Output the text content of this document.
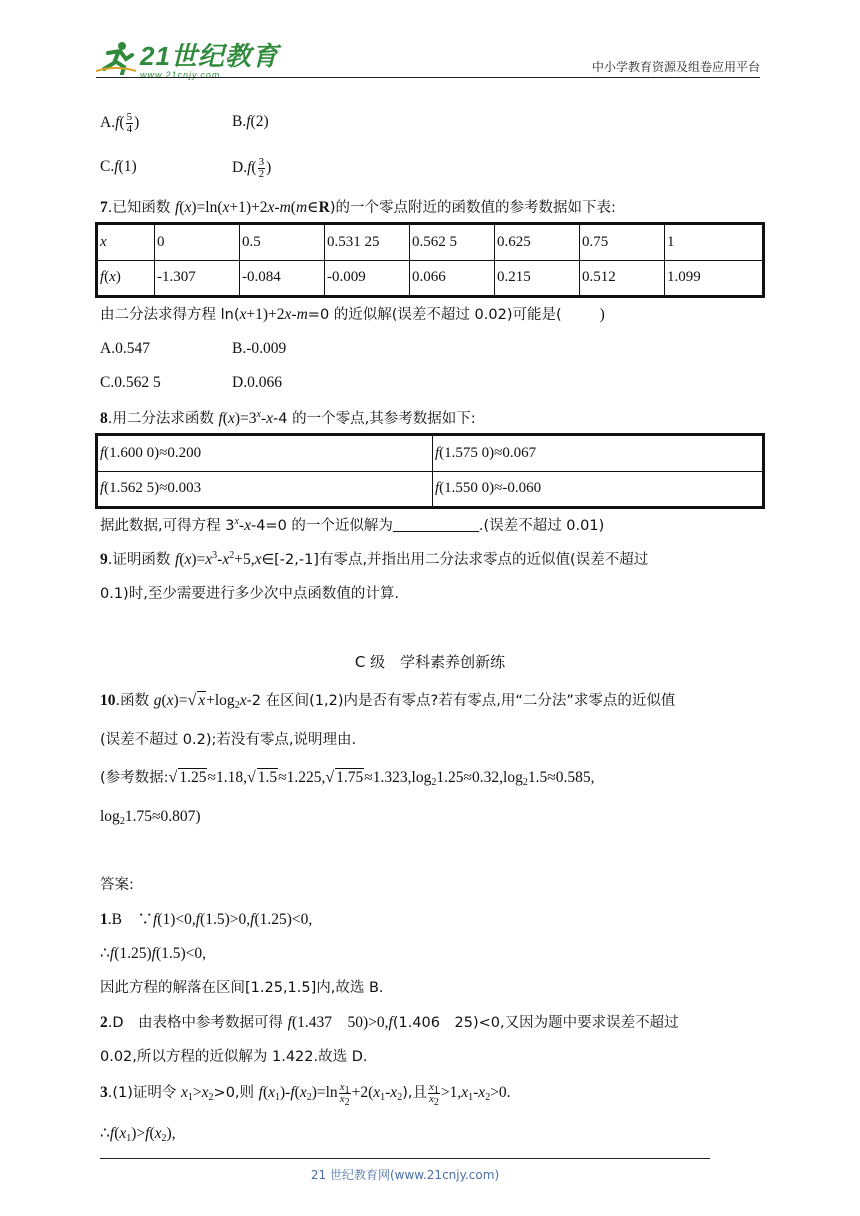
21世纪教育
www.21cnjy.com
中小学教育资源及组卷应用平台
$A.f( \frac{5}{4}$ )	B.f(2)
C.f(1)	$D.f( \frac{3}{2}$ )
7.已知函数 f(x)=ln(x+1)+2x-m(m∈R)的一个零点附近的函数值的参考数据如下表:
x	0	0.5	0.531 25	0.562 5	0.625	0.75	1
f(x)	-1.307	-0.084	-0.009	0.066	0.215	0.512	1.099
由二分法求得方程 ln(x+1)+2x-m=0 的近似解(误差不超过 0.02)可能是( )
A.0.547	B.-0.009
C.0.562 5	D.0.066
8.用二分法求函数 $f(x)=3^x-x-4$ 的一个零点,其参考数据如下:
f(1.600 0)≈0.200	f(1.575 0)≈0.067
f(1.562 5)≈0.003	f(1.550 0)≈-0.060
据此数据,可得方程 $3^x-x-4=0$ 的一个近似解为	.(误差不超过 0.01)
9.证明函数 $f(x)=x^3-x^2+5,x\in[-2,-1]$有零点,并指出用二分法求零点的近似值(误差不超过
0.1)时,至少需要进行多少次中点函数值的计算.
C 级　学科素养创新练
10.函数 g(x)=√ $x+\log_2x-2$ 在区间(1,2)内是否有零点?若有零点,用“二分法”求零点的近似值
(误差不超过 0.2);若没有零点,说明理由.
(参考数据:√ 1.25≈1.18,√ 1.5≈1.225,√ $1.75\approx 1.323,\log_21.25\approx 0.32,\log_21.5\approx 0.585$,
$\log_21.75\approx 0.807$)
答案:
1.B　∵f(1)<0,f(1.5)>0,f(1.25)<0,
∴f(1.25)f(1.5)<0,
因此方程的解落在区间[1.25,1.5]内,故选 B.
2.D　由表格中参考数据可得 f(1.437　50)>0,f(1.406　25)<0,又因为题中要求误差不超过
0.02,所以方程的近似解为 1.422.故选 D.
3.(1)证明令 $x_1>x_2>0$,则 $f(x_1)-f(x_2)=\ln \frac{x_1}{x_2} +2(x_1-x_2)$,且 $\frac{x_1}{x_2} >1,x_1-x_2>0$.
$\therefore f(x_1)>f(x_2)$,
21 世纪教育网(www.21cnjy.com)
